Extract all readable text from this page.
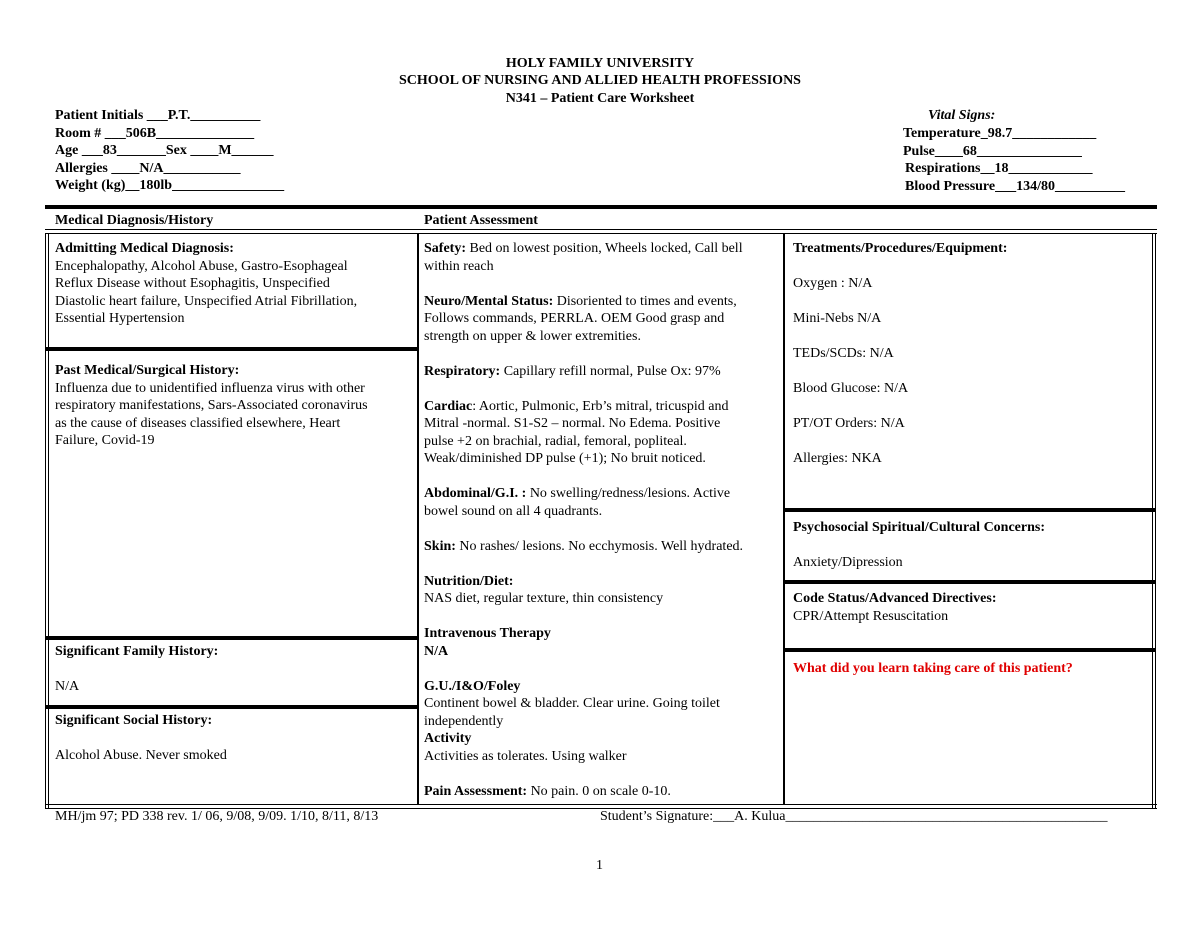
HOLY FAMILY UNIVERSITY
SCHOOL OF NURSING AND ALLIED HEALTH PROFESSIONS
N341 – Patient Care Worksheet
Patient Initials ___P.T.__________
Room # ___506B______________
Age ___83_______Sex ____M______
Allergies ____N/A___________
Weight (kg)__180lb________________
Vital Signs:
Temperature_98.7____________
Pulse____68_______________
Respirations__18____________
Blood Pressure___134/80__________
Medical Diagnosis/History	Patient Assessment

Admitting Medical Diagnosis:

Encephalopathy, Alcohol Abuse, Gastro-Esophageal

Reflux Disease without Esophagitis, Unspecified

Diastolic heart failure, Unspecified Atrial Fibrillation,

Essential Hypertension

Past Medical/Surgical History:

Influenza due to unidentified influenza virus with other

respiratory manifestations, Sars-Associated coronavirus

as the cause of diseases classified elsewhere, Heart

Failure, Covid-19

Significant Family History:

N/A

Significant Social History:

Alcohol Abuse. Never smoked

Safety: Bed on lowest position, Wheels locked, Call bell

within reach

Neuro/Mental Status: Disoriented to times and events,

Follows commands, PERRLA. OEM Good grasp and

strength on upper & lower extremities.

Respiratory: Capillary refill normal, Pulse Ox: 97%

Cardiac: Aortic, Pulmonic, Erb’s mitral, tricuspid and

Mitral -normal. S1-S2 – normal. No Edema. Positive

pulse +2 on brachial, radial, femoral, popliteal.

Weak/diminished DP pulse (+1); No bruit noticed.

Abdominal/G.I. : No swelling/redness/lesions. Active

bowel sound on all 4 quadrants.

Skin: No rashes/ lesions. No ecchymosis. Well hydrated.

Nutrition/Diet:

NAS diet, regular texture, thin consistency

Intravenous Therapy

N/A

G.U./I&O/Foley

Continent bowel & bladder. Clear urine. Going toilet

independently

Activity

Activities as tolerates. Using walker

Pain Assessment: No pain. 0 on scale 0-10.

Treatments/Procedures/Equipment:

Oxygen : N/A

Mini-Nebs N/A

TEDs/SCDs: N/A

Blood Glucose: N/A

PT/OT Orders: N/A

Allergies: NKA

Psychosocial Spiritual/Cultural Concerns:

Anxiety/Dipression

Code Status/Advanced Directives:

CPR/Attempt Resuscitation

What did you learn taking care of this patient?

MH/jm 97; PD 338 rev. 1/ 06, 9/08, 9/09. 1/10, 8/11, 8/13	Student’s Signature:___A. Kulua______________________________________________
1
